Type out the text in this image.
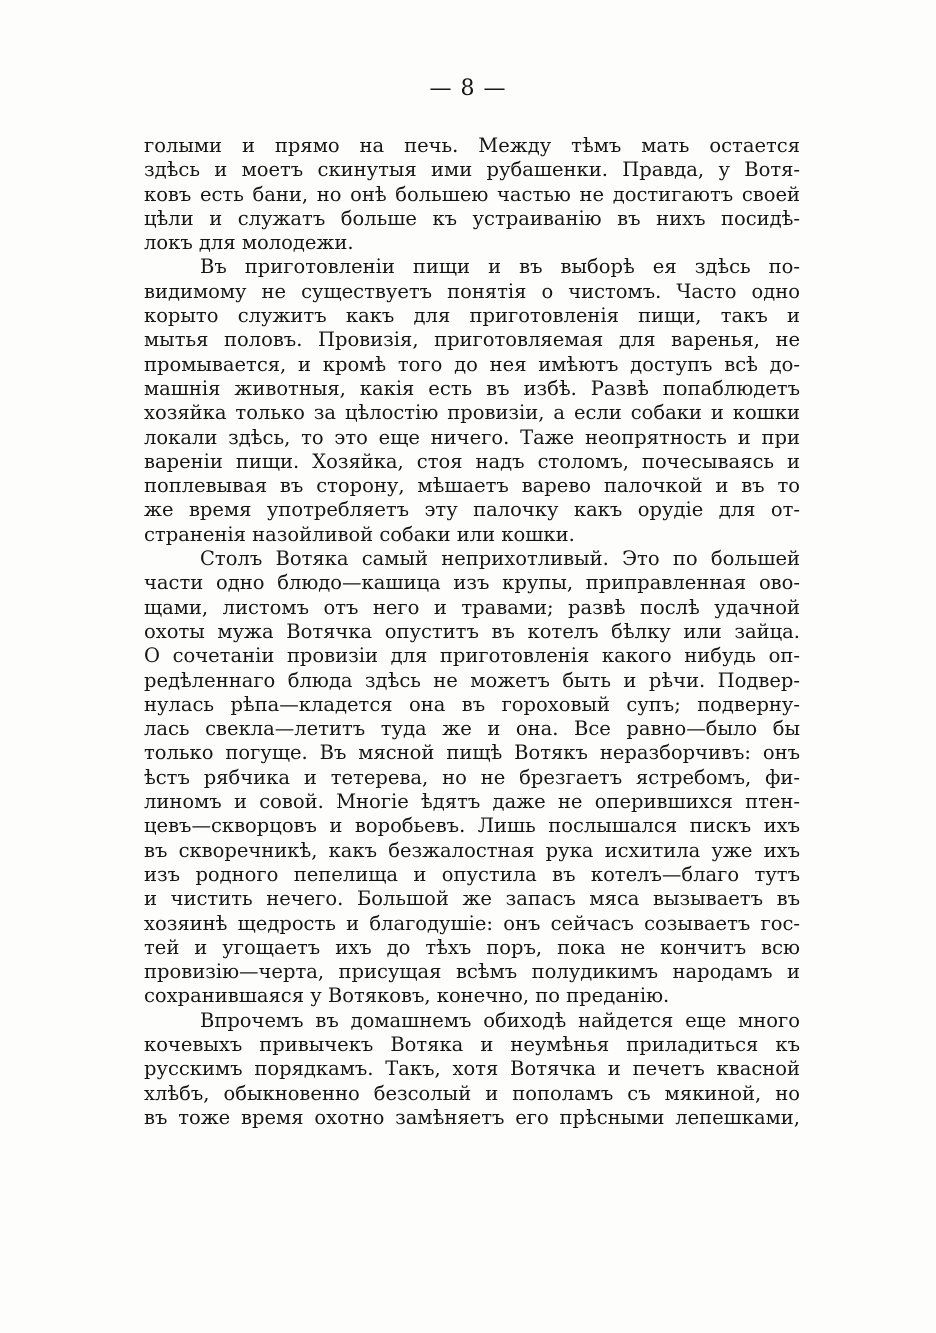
— 8 —
голыми и прямо на печь. Между тѣмъ мать остается
здѣсь и моетъ скинутыя ими рубашенки. Правда, у Вотя-
ковъ есть бани, но онѣ большею частью не достигаютъ своей
цѣли и служатъ больше къ устраиванію въ нихъ посидѣ-
локъ для молодежи.
Въ приготовленіи пищи и въ выборѣ ея здѣсь по-
видимому не существуетъ понятія о чистомъ. Часто одно
корыто служитъ какъ для приготовленія пищи, такъ и
мытья половъ. Провизія, приготовляемая для варенья, не
промывается, и кромѣ того до нея имѣютъ доступъ всѣ до-
машнія животныя, какія есть въ избѣ. Развѣ попаблюдетъ
хозяйка только за цѣлостію провизіи, а если собаки и кошки
локали здѣсь, то это еще ничего. Таже неопрятность и при
вареніи пищи. Хозяйка, стоя надъ столомъ, почесываясь и
поплевывая въ сторону, мѣшаетъ варево палочкой и въ то
же время употребляетъ эту палочку какъ орудіе для от-
страненія назойливой собаки или кошки.
Столъ Вотяка самый неприхотливый. Это по большей
части одно блюдо—кашица изъ крупы, приправленная ово-
щами, листомъ отъ него и травами; развѣ послѣ удачной
охоты мужа Вотячка опуститъ въ котелъ бѣлку или зайца.
О сочетаніи провизіи для приготовленія какого нибудь оп-
редѣленнаго блюда здѣсь не можетъ быть и рѣчи. Подвер-
нулась рѣпа—кладется она въ гороховый супъ; подверну-
лась свекла—летитъ туда же и она. Все равно—было бы
только погуще. Въ мясной пищѣ Вотякъ неразборчивъ: онъ
ѣстъ рябчика и тетерева, но не брезгаетъ ястребомъ, фи-
линомъ и совой. Многіе ѣдятъ даже не оперившихся птен-
цевъ—скворцовъ и воробьевъ. Лишь послышался пискъ ихъ
въ скворечникѣ, какъ безжалостная рука исхитила уже ихъ
изъ родного пепелища и опустила въ котелъ—благо тутъ
и чистить нечего. Большой же запасъ мяса вызываетъ въ
хозяинѣ щедрость и благодушіе: онъ сейчасъ созываетъ гос-
тей и угощаетъ ихъ до тѣхъ поръ, пока не кончитъ всю
провизію—черта, присущая всѣмъ полудикимъ народамъ и
сохранившаяся у Вотяковъ, конечно, по преданію.
Впрочемъ въ домашнемъ обиходѣ найдется еще много
кочевыхъ привычекъ Вотяка и неумѣнья приладиться къ
русскимъ порядкамъ. Такъ, хотя Вотячка и печетъ квасной
хлѣбъ, обыкновенно безсолый и пополамъ съ мякиной, но
въ тоже время охотно замѣняетъ его прѣсными лепешками,
